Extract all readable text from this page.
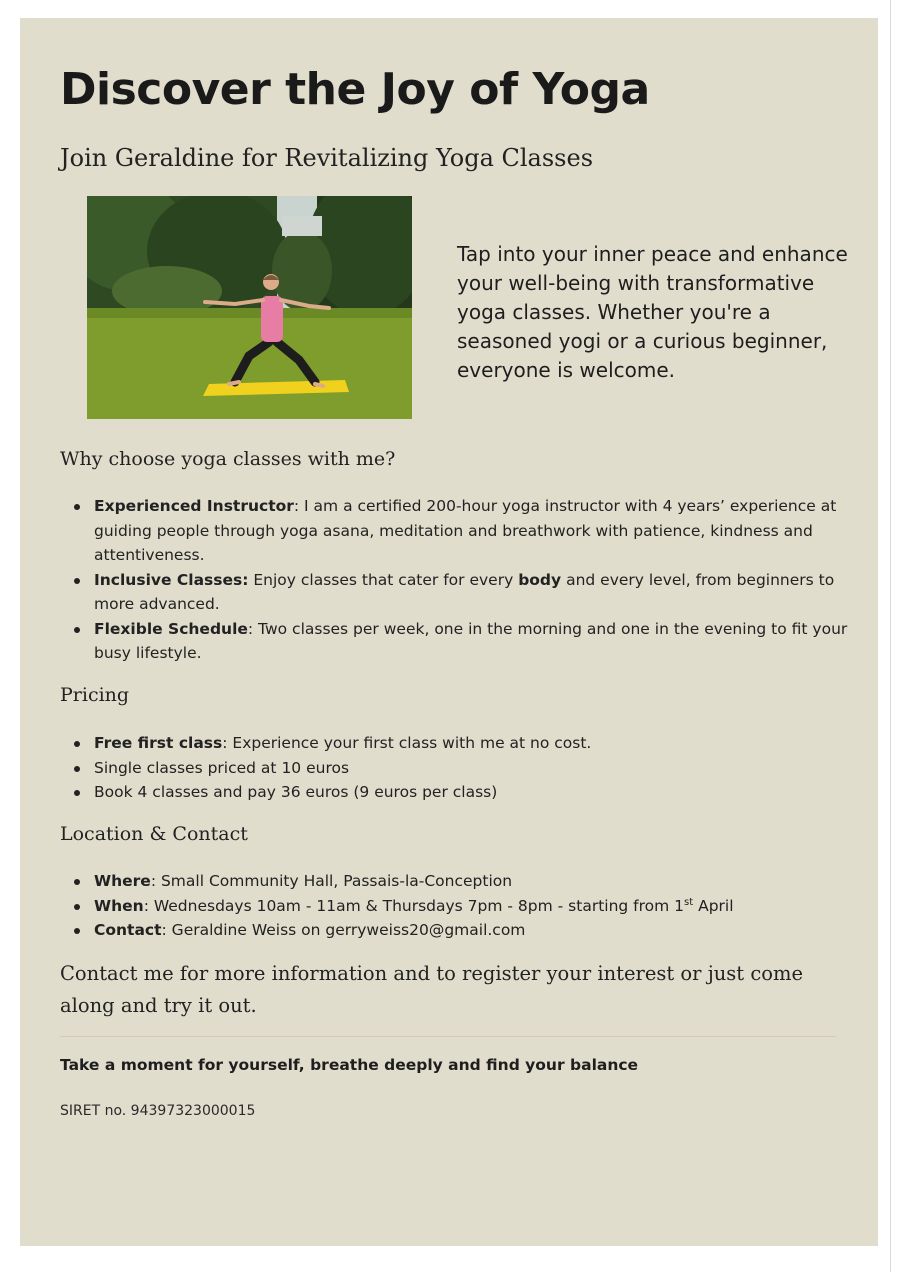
Discover the Joy of Yoga
Join Geraldine for Revitalizing Yoga Classes

Tap into your inner peace and enhance your well-being with transformative yoga classes. Whether you're a seasoned yogi or a curious beginner, everyone is welcome.

Why choose yoga classes with me?
Experienced Instructor: I am a certified 200-hour yoga instructor with 4 years’ experience at guiding people through yoga asana, meditation and breathwork with patience, kindness and attentiveness.
Inclusive Classes: Enjoy classes that cater for every body and every level, from beginners to more advanced.
Flexible Schedule: Two classes per week, one in the morning and one in the evening to fit your busy lifestyle.
Pricing
Free first class: Experience your first class with me at no cost.
Single classes priced at 10 euros
Book 4 classes and pay 36 euros (9 euros per class)
Location & Contact
Where: Small Community Hall, Passais-la-Conception
When: Wednesdays 10am - 11am & Thursdays 7pm - 8pm - starting from 1st April
Contact: Geraldine Weiss on gerryweiss20@gmail.com

Contact me for more information and to register your interest or just come along and try it out.

Take a moment for yourself, breathe deeply and find your balance

SIRET no. 94397323000015
